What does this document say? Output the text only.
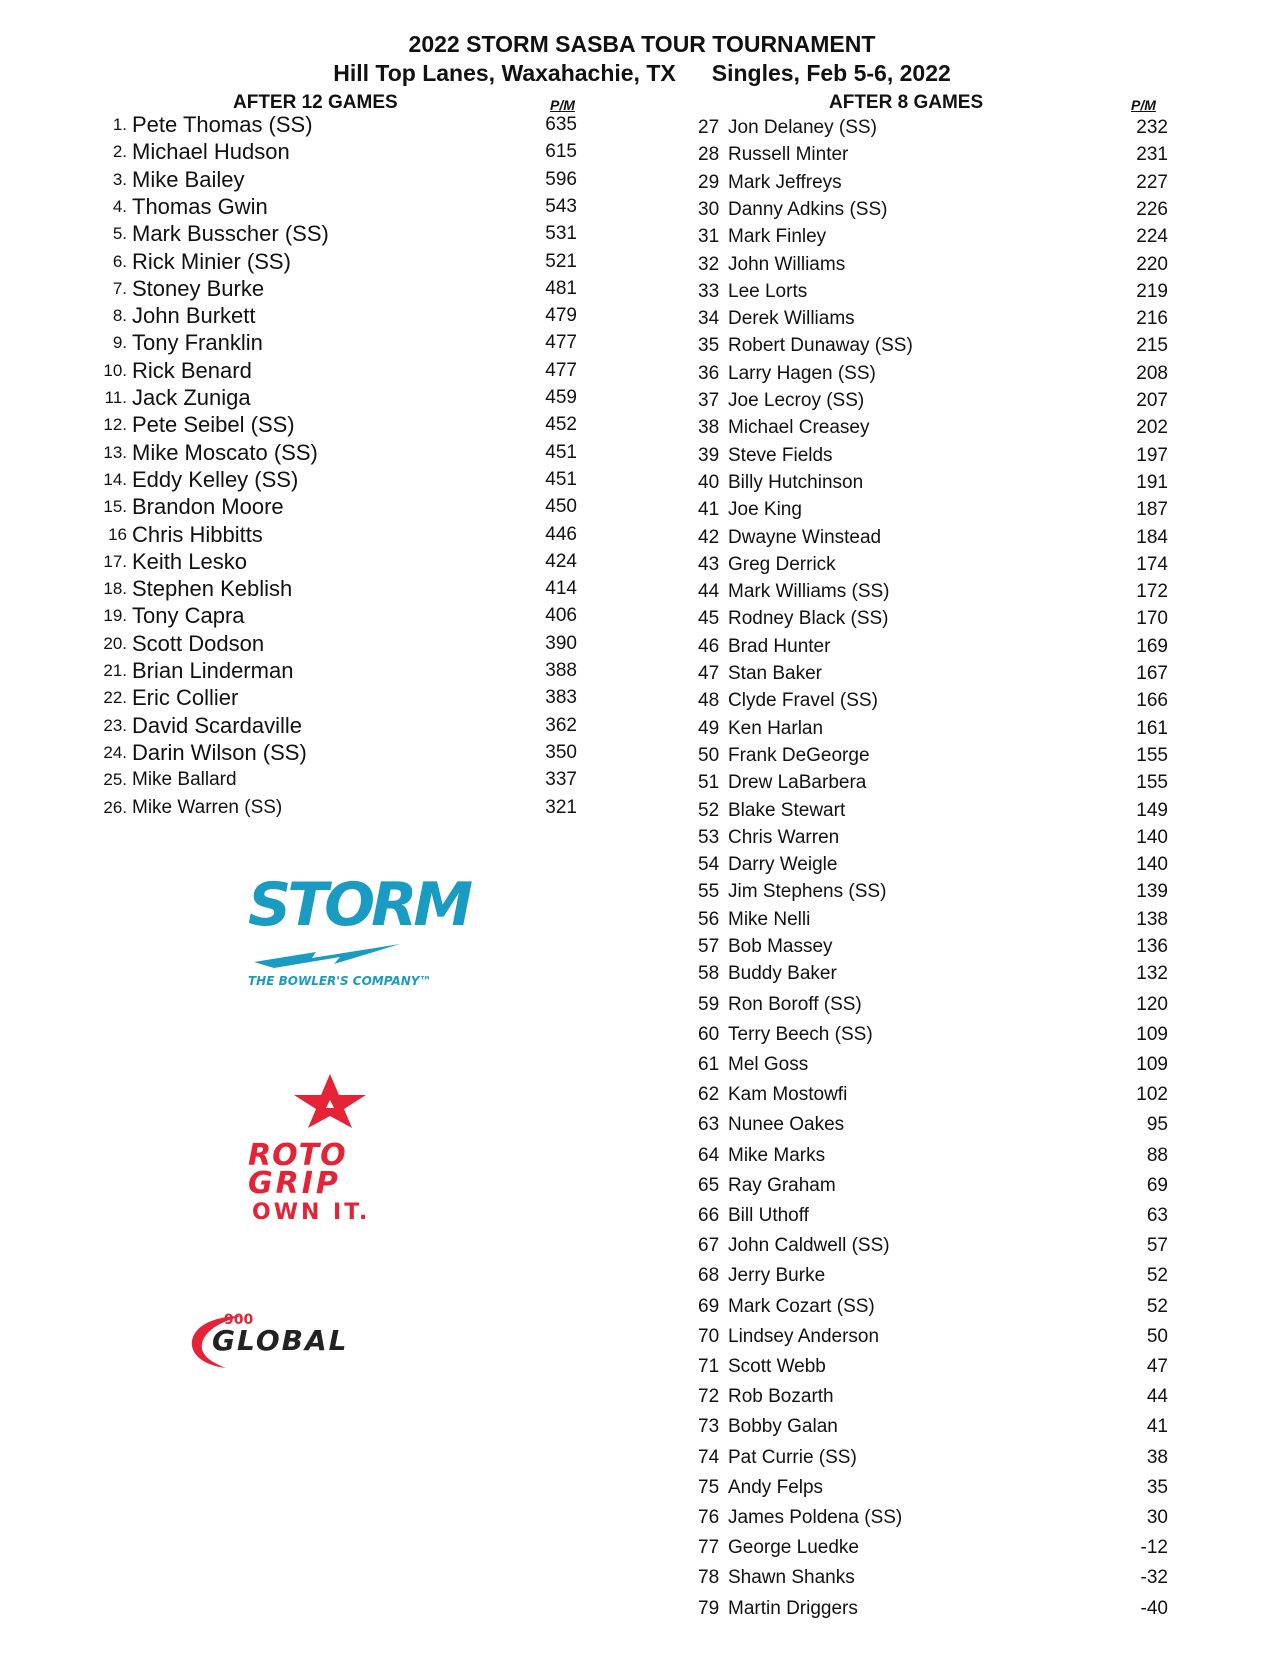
2022 STORM SASBA TOUR TOURNAMENT
Hill Top Lanes, Waxahachie, TX Singles, Feb 5-6, 2022
AFTER 12 GAMES	P/M	AFTER 8 GAMES	P/M
1. Pete Thomas (SS)	635
2. Michael Hudson	615
3. Mike Bailey	596
4. Thomas Gwin	543
5. Mark Busscher (SS)	531
6. Rick Minier (SS)	521
7. Stoney Burke	481
8. John Burkett	479
9. Tony Franklin	477
10. Rick Benard	477
11. Jack Zuniga	459
12. Pete Seibel (SS)	452
13. Mike Moscato (SS)	451
14. Eddy Kelley (SS)	451
15. Brandon Moore	450
16 Chris Hibbitts	446
17. Keith Lesko	424
18. Stephen Keblish	414
19. Tony Capra	406
20. Scott Dodson	390
21. Brian Linderman	388
22. Eric Collier	383
23. David Scardaville	362
24. Darin Wilson (SS)	350
25. Mike Ballard	337
26. Mike Warren (SS)	321
27 Jon Delaney (SS)	232
28 Russell Minter	231
29 Mark Jeffreys	227
30 Danny Adkins (SS)	226
31 Mark Finley	224
32 John Williams	220
33 Lee Lorts	219
34 Derek Williams	216
35 Robert Dunaway (SS)	215
36 Larry Hagen (SS)	208
37 Joe Lecroy (SS)	207
38 Michael Creasey	202
39 Steve Fields	197
40 Billy Hutchinson	191
41 Joe King	187
42 Dwayne Winstead	184
43 Greg Derrick	174
44 Mark Williams (SS)	172
45 Rodney Black (SS)	170
46 Brad Hunter	169
47 Stan Baker	167
48 Clyde Fravel (SS)	166
49 Ken Harlan	161
50 Frank DeGeorge	155
51 Drew LaBarbera	155
52 Blake Stewart	149
53 Chris Warren	140
54 Darry Weigle	140
55 Jim Stephens (SS)	139
56 Mike Nelli	138
57 Bob Massey	136
58 Buddy Baker	132
59 Ron Boroff (SS)	120
60 Terry Beech (SS)	109
61 Mel Goss	109
62 Kam Mostowfi	102
63 Nunee Oakes	95
64 Mike Marks	88
65 Ray Graham	69
66 Bill Uthoff	63
67 John Caldwell (SS)	57
68 Jerry Burke	52
69 Mark Cozart (SS)	52
70 Lindsey Anderson	50
71 Scott Webb	47
72 Rob Bozarth	44
73 Bobby Galan	41
74 Pat Currie (SS)	38
75 Andy Felps	35
76 James Poldena (SS)	30
77 George Luedke	-12
78 Shawn Shanks	-32
79 Martin Driggers	-40
STORM
THE BOWLER'S COMPANY™
ROTO
GRIP
OWN IT.
900
GLOBAL
